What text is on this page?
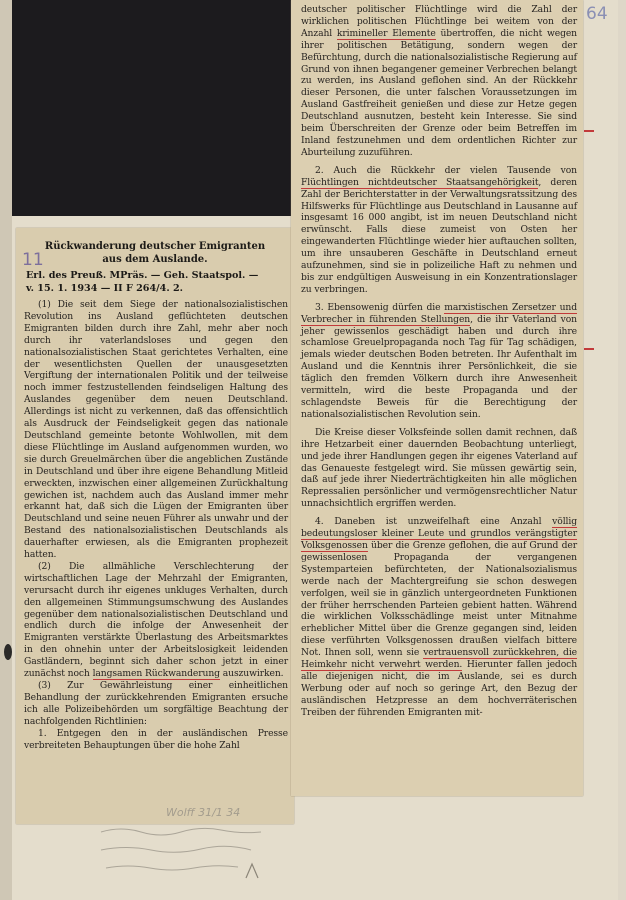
Rückwanderung deutscher Emigranten
aus dem Auslande.
Erl. des Preuß. MPräs. — Geh. Staatspol. —
v. 15. 1. 1934 — II F 264/4. 2.

(1) Die seit dem Siege der nationalsozialistischen Revolution ins Ausland geflüchteten deutschen Emigranten bilden durch ihre Zahl, mehr aber noch durch ihr vaterlandsloses und gegen den nationalsozialistischen Staat gerichtetes Verhalten, eine der wesentlichsten Quellen der unausgesetzten Vergiftung der internationalen Politik und der teilweise noch immer festzustellenden feindseligen Haltung des Auslandes gegenüber dem neuen Deutschland. Allerdings ist nicht zu verkennen, daß das offensichtlich als Ausdruck der Feindseligkeit gegen das nationale Deutschland gemeinte betonte Wohlwollen, mit dem diese Flüchtlinge im Ausland aufgenommen wurden, wo sie durch Greuelmärchen über die angeblichen Zustände in Deutschland und über ihre eigene Behandlung Mitleid erweckten, inzwischen einer allgemeinen Zurückhaltung gewichen ist, nachdem auch das Ausland immer mehr erkannt hat, daß sich die Lügen der Emigranten über Deutschland und seine neuen Führer als unwahr und der Bestand des nationalsozialistischen Deutschlands als dauerhafter erwiesen, als die Emigranten prophezeit hatten.

(2) Die allmähliche Verschlechterung der wirtschaftlichen Lage der Mehrzahl der Emigranten, verursacht durch ihr eigenes unkluges Verhalten, durch den allgemeinen Stimmungsumschwung des Auslandes gegenüber dem nationalsozialistischen Deutschland und endlich durch die infolge der Anwesenheit der Emigranten verstärkte Überlastung des Arbeitsmarktes in den ohnehin unter der Arbeitslosigkeit leidenden Gastländern, beginnt sich daher schon jetzt in einer zunächst noch langsamen Rückwanderung auszuwirken.

(3) Zur Gewährleistung einer einheitlichen Behandlung der zurückkehrenden Emigranten ersuche ich alle Polizeibehörden um sorgfältige Beachtung der nachfolgenden Richtlinien:

1. Entgegen den in der ausländischen Presse verbreiteten Behauptungen über die hohe Zahl

deutscher politischer Flüchtlinge wird die Zahl der wirklichen politischen Flüchtlinge bei weitem von der Anzahl krimineller Elemente übertroffen, die nicht wegen ihrer politischen Betätigung, sondern wegen der Befürchtung, durch die nationalsozialistische Regierung auf Grund von ihnen begangener gemeiner Verbrechen belangt zu werden, ins Ausland geflohen sind. An der Rückkehr dieser Personen, die unter falschen Voraussetzungen im Ausland Gastfreiheit genießen und diese zur Hetze gegen Deutschland ausnutzen, besteht kein Interesse. Sie sind beim Überschreiten der Grenze oder beim Betreffen im Inland festzunehmen und dem ordentlichen Richter zur Aburteilung zuzuführen.

2. Auch die Rückkehr der vielen Tausende von Flüchtlingen nichtdeutscher Staatsangehörigkeit, deren Zahl der Berichterstatter in der Verwaltungsratssitzung des Hilfswerks für Flüchtlinge aus Deutschland in Lausanne auf insgesamt 16 000 angibt, ist im neuen Deutschland nicht erwünscht. Falls diese zumeist von Osten her eingewanderten Flüchtlinge wieder hier auftauchen sollten, um ihre unsauberen Geschäfte in Deutschland erneut aufzunehmen, sind sie in polizeiliche Haft zu nehmen und bis zur endgültigen Ausweisung in ein Konzentrationslager zu verbringen.

3. Ebensowenig dürfen die marxistischen Zersetzer und Verbrecher in führenden Stellungen, die ihr Vaterland von jeher gewissenlos geschädigt haben und durch ihre schamlose Greuelpropaganda noch Tag für Tag schädigen, jemals wieder deutschen Boden betreten. Ihr Aufenthalt im Ausland und die Kenntnis ihrer Persönlichkeit, die sie täglich den fremden Völkern durch ihre Anwesenheit vermitteln, wird die beste Propaganda und der schlagendste Beweis für die Berechtigung der nationalsozialistischen Revolution sein.

Die Kreise dieser Volksfeinde sollen damit rechnen, daß ihre Hetzarbeit einer dauernden Beobachtung unterliegt, und jede ihrer Handlungen gegen ihr eigenes Vaterland auf das Genaueste festgelegt wird. Sie müssen gewärtig sein, daß auf jede ihrer Niederträchtigkeiten hin alle möglichen Repressalien persönlicher und vermögensrechtlicher Natur unnachsichtlich ergriffen werden.

4. Daneben ist unzweifelhaft eine Anzahl völlig bedeutungsloser kleiner Leute und grundlos verängstigter Volksgenossen über die Grenze geflohen, die auf Grund der gewissenlosen Propaganda der vergangenen Systemparteien befürchteten, der Nationalsozialismus werde nach der Machtergreifung sie schon deswegen verfolgen, weil sie in gänzlich untergeordneten Funktionen der früher herrschenden Parteien gebient hatten. Während die wirklichen Volksschädlinge meist unter Mitnahme erheblicher Mittel über die Grenze gegangen sind, leiden diese verführten Volksgenossen draußen vielfach bittere Not. Ihnen soll, wenn sie vertrauensvoll zurückkehren, die Heimkehr nicht verwehrt werden. Hierunter fallen jedoch alle diejenigen nicht, die im Auslande, sei es durch Werbung oder auf noch so geringe Art, den Bezug der ausländischen Hetzpresse an dem hochverräterischen Treiben der führenden Emigranten mit-

64
11
Wolff 31/1 34
